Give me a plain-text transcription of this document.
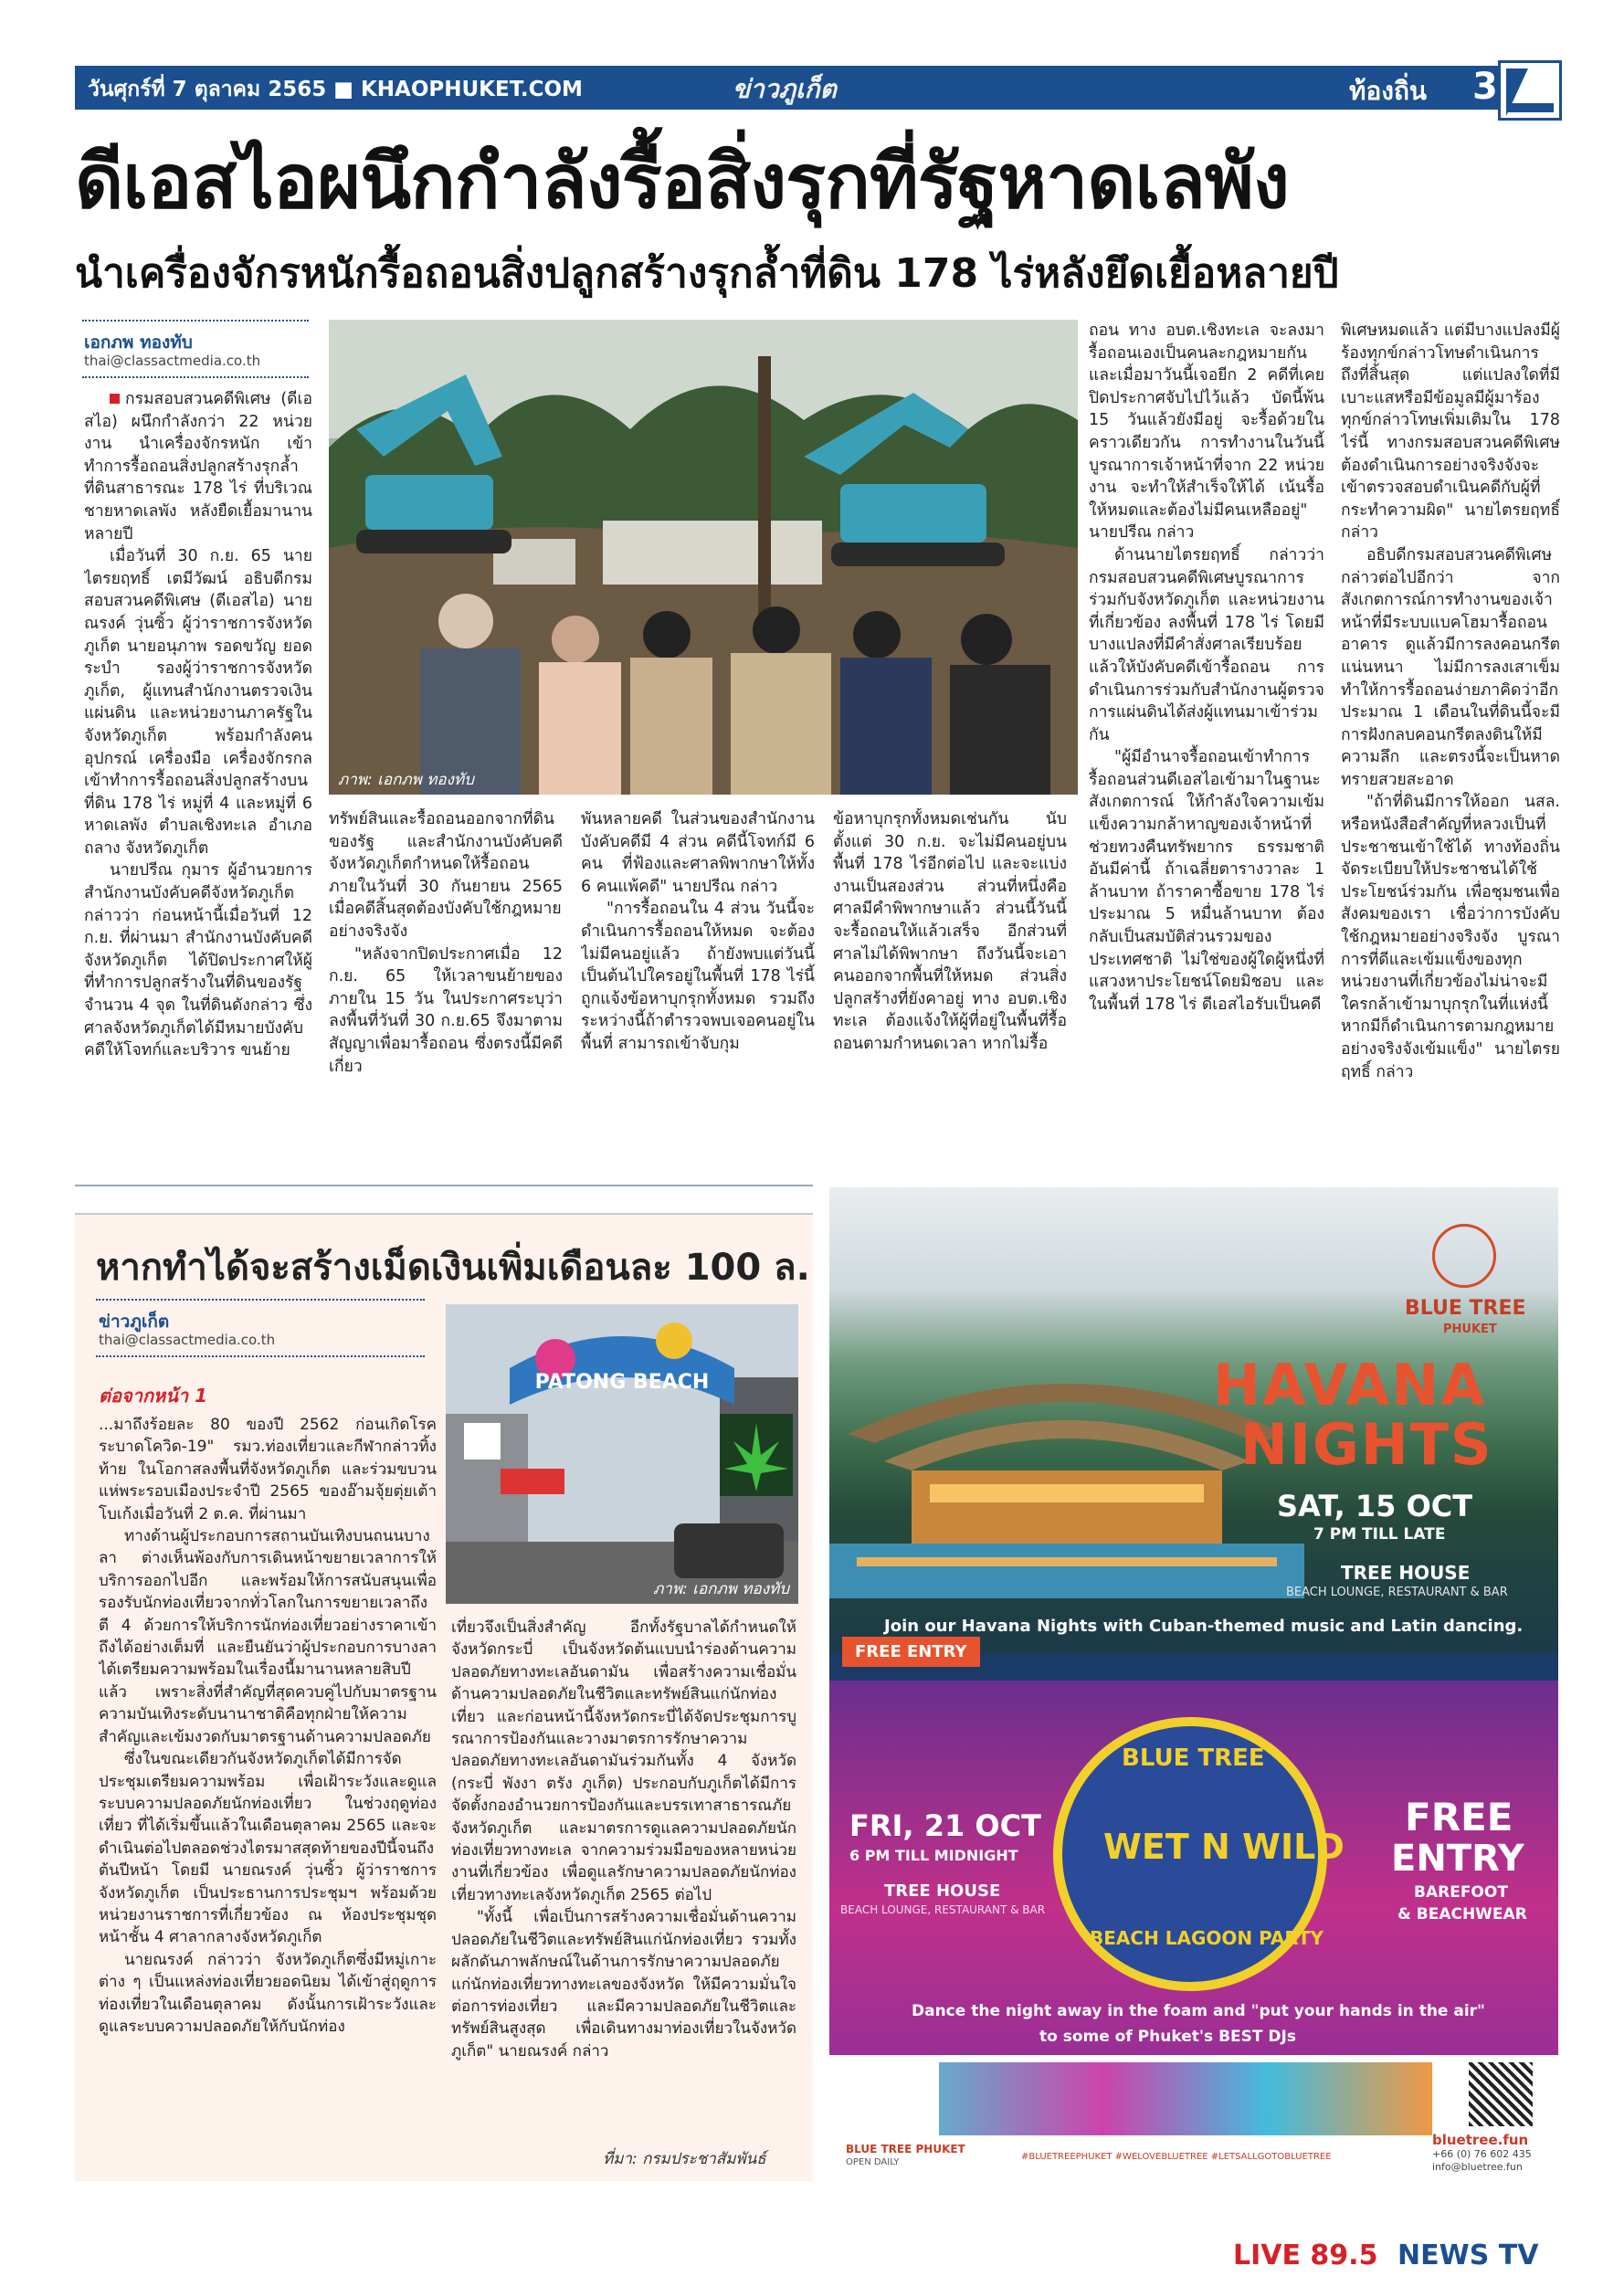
วันศุกร์ที่ 7 ตุลาคม 2565 ■ KHAOPHUKET.COM	ข่าวภูเก็ต	ท้องถิ่น 3
ดีเอสไอผนึกกำลังรื้อสิ่งรุกที่รัฐหาดเลพัง
นำเครื่องจักรหนักรื้อถอนสิ่งปลูกสร้างรุกล้ำที่ดิน 178 ไร่หลังยึดเยื้อหลายปี
เอกภพ ทองทับ
thai@classactmedia.co.th
ภาพ: เอกภพ ทองทับ

กรมสอบสวนคดีพิเศษ (ดีเอสไอ) ผนึกกำลังกว่า 22 หน่วยงาน นำเครื่องจักรหนัก เข้าทำการรื้อถอนสิ่งปลูกสร้างรุกล้ำที่ดินสาธารณะ 178 ไร่ ที่บริเวณชายหาดเลพัง หลังยืดเยื้อมานานหลายปี

เมื่อวันที่ 30 ก.ย. 65 นายไตรยฤทธิ์ เตมีวัฒน์ อธิบดีกรมสอบสวนคดีพิเศษ (ดีเอสไอ) นายณรงค์ วุ่นซิ้ว ผู้ว่าราชการจังหวัดภูเก็ต นายอนุภาพ รอดขวัญ ยอดระบำ รองผู้ว่าราชการจังหวัดภูเก็ต, ผู้แทนสำนักงานตรวจเงินแผ่นดิน และหน่วยงานภาครัฐในจังหวัดภูเก็ต พร้อมกำลังคน อุปกรณ์ เครื่องมือ เครื่องจักรกล เข้าทำการรื้อถอนสิ่งปลูกสร้างบนที่ดิน 178 ไร่ หมู่ที่ 4 และหมู่ที่ 6 หาดเลพัง ตำบลเชิงทะเล อำเภอถลาง จังหวัดภูเก็ต

นายปรีณ กุมาร ผู้อำนวยการสำนักงานบังคับคดีจังหวัดภูเก็ต กล่าวว่า ก่อนหน้านี้เมื่อวันที่ 12 ก.ย. ที่ผ่านมา สำนักงานบังคับคดีจังหวัดภูเก็ต ได้ปิดประกาศให้ผู้ที่ทำการปลูกสร้างในที่ดินของรัฐจำนวน 4 จุด ในที่ดินดังกล่าว ซึ่งศาลจังหวัดภูเก็ตได้มีหมายบังคับคดีให้โจทก์และบริวาร ขนย้าย

ทรัพย์สินและรื้อถอนออกจากที่ดินของรัฐ และสำนักงานบังคับคดีจังหวัดภูเก็ตกำหนดให้รื้อถอนภายในวันที่ 30 กันยายน 2565 เมื่อคดีสิ้นสุดต้องบังคับใช้กฎหมายอย่างจริงจัง

"หลังจากปิดประกาศเมื่อ 12 ก.ย. 65 ให้เวลาขนย้ายของภายใน 15 วัน ในประกาศระบุว่าลงพื้นที่วันที่ 30 ก.ย.65 จึงมาตามสัญญาเพื่อมารื้อถอน ซึ่งตรงนี้มีคดีเกี่ยว

พันหลายคดี ในส่วนของสำนักงานบังคับคดีมี 4 ส่วน คดีนี้โจทก์มี 6 คน ที่ฟ้องและศาลพิพากษาให้ทั้ง 6 คนแพ้คดี" นายปรีณ กล่าว

"การรื้อถอนใน 4 ส่วน วันนี้จะดำเนินการรื้อถอนให้หมด จะต้องไม่มีคนอยู่แล้ว ถ้ายังพบแต่วันนี้เป็นต้นไปใครอยู่ในพื้นที่ 178 ไร่นี้ถูกแจ้งข้อหาบุกรุกทั้งหมด รวมถึงระหว่างนี้ถ้าตำรวจพบเจอคนอยู่ในพื้นที่ สามารถเข้าจับกุม

ข้อหาบุกรุกทั้งหมดเช่นกัน นับตั้งแต่ 30 ก.ย. จะไม่มีคนอยู่บนพื้นที่ 178 ไร่อีกต่อไป และจะแบ่งงานเป็นสองส่วน ส่วนที่หนึ่งคือศาลมีคำพิพากษาแล้ว ส่วนนี้วันนี้จะรื้อถอนให้แล้วเสร็จ อีกส่วนที่ศาลไม่ได้พิพากษา ถึงวันนี้จะเอาคนออกจากพื้นที่ให้หมด ส่วนสิ่งปลูกสร้างที่ยังคาอยู่ ทาง อบต.เชิงทะเล ต้องแจ้งให้ผู้ที่อยู่ในพื้นที่รื้อถอนตามกำหนดเวลา หากไม่รื้อ

ถอน ทาง อบต.เชิงทะเล จะลงมารื้อถอนเองเป็นคนละกฎหมายกัน และเมื่อมาวันนี้เจอยีก 2 คดีที่เคยปิดประกาศจับไปไว้แล้ว บัดนี้พ้น 15 วันแล้วยังมีอยู่ จะรื้อด้วยในคราวเดียวกัน การทำงานในวันนี้บูรณาการเจ้าหน้าที่จาก 22 หน่วยงาน จะทำให้สำเร็จให้ได้ เน้นรื้อให้หมดและต้องไม่มีคนเหลืออยู่" นายปรีณ กล่าว

ด้านนายไตรยฤทธิ์ กล่าวว่า กรมสอบสวนคดีพิเศษบูรณาการร่วมกับจังหวัดภูเก็ต และหน่วยงานที่เกี่ยวข้อง ลงพื้นที่ 178 ไร่ โดยมีบางแปลงที่มีคำสั่งศาลเรียบร้อยแล้วให้บังคับคดีเข้ารื้อถอน การดำเนินการร่วมกับสำนักงานผู้ตรวจการแผ่นดินได้ส่งผู้แทนมาเข้าร่วมกัน

"ผู้มีอำนาจรื้อถอนเข้าทำการรื้อถอนส่วนดีเอสไอเข้ามาในฐานะสังเกตการณ์ ให้กำลังใจความเข้มแข็งความกล้าหาญของเจ้าหน้าที่ช่วยทวงคืนทรัพยากร ธรรมชาติอันมีค่านี้ ถ้าเฉลี่ยตารางวาละ 1 ล้านบาท ถ้าราคาซื้อขาย 178 ไร่ ประมาณ 5 หมื่นล้านบาท ต้องกลับเป็นสมบัติส่วนรวมของประเทศชาติ ไม่ใช่ของผู้ใดผู้หนึ่งที่แสวงหาประโยชน์โดยมิชอบ และในพื้นที่ 178 ไร่ ดีเอสไอรับเป็นคดี

พิเศษหมดแล้ว แต่มีบางแปลงมีผู้ร้องทุกข์กล่าวโทษดำเนินการถึงที่สิ้นสุด แต่แปลงใดที่มีเบาะแสหรือมีข้อมูลมีผู้มาร้องทุกข์กล่าวโทษเพิ่มเติมใน 178 ไร่นี้ ทางกรมสอบสวนคดีพิเศษต้องดำเนินการอย่างจริงจังจะเข้าตรวจสอบดำเนินคดีกับผู้ที่กระทำความผิด" นายไตรยฤทธิ์ กล่าว

อธิบดีกรมสอบสวนคดีพิเศษกล่าวต่อไปอีกว่า จากสังเกตการณ์การทำงานของเจ้าหน้าที่มีระบบแบคโฮมารื้อถอนอาคาร ดูแล้วมีการลงคอนกรีตแน่นหนา ไม่มีการลงเสาเข็มทำให้การรื้อถอนง่ายภาคิดว่าอีกประมาณ 1 เดือนในที่ดินนี้จะมีการฝังกลบคอนกรีตลงดินให้มีความลึก และตรงนี้จะเป็นหาดทรายสวยสะอาด

"ถ้าที่ดินมีการให้ออก นสล. หรือหนังสือสำคัญที่หลวงเป็นที่ประชาชนเข้าใช้ได้ ทางท้องถิ่นจัดระเบียบให้ประชาชนได้ใช้ประโยชน์ร่วมกัน เพื่อชุมชนเพื่อสังคมของเรา เชื่อว่าการบังคับใช้กฎหมายอย่างจริงจัง บูรณาการที่ดีและเข้มแข็งของทุกหน่วยงานที่เกี่ยวข้องไม่น่าจะมีใครกล้าเข้ามาบุกรุกในที่แห่งนี้ หากมีก็ดำเนินการตามกฎหมายอย่างจริงจังเข้มแข็ง" นายไตรยฤทธิ์ กล่าว

หากทำได้จะสร้างเม็ดเงินเพิ่มเดือนละ 100 ล.
ข่าวภูเก็ต
thai@classactmedia.co.th
ต่อจากหน้า 1
PATONG BEACH
ภาพ: เอกภพ ทองทับ

...มาถึงร้อยละ 80 ของปี 2562 ก่อนเกิดโรคระบาดโควิด-19" รมว.ท่องเที่ยวและกีฬากล่าวทิ้งท้าย ในโอกาสลงพื้นที่จังหวัดภูเก็ต และร่วมขบวนแห่พระรอบเมืองประจำปี 2565 ของอ๊ามจุ้ยตุ่ยเต้าโบเก้งเมื่อวันที่ 2 ต.ค. ที่ผ่านมา

ทางด้านผู้ประกอบการสถานบันเทิงบนถนนบางลา ต่างเห็นพ้องกับการเดินหน้าขยายเวลาการให้บริการออกไปอีก และพร้อมให้การสนับสนุนเพื่อรองรับนักท่องเที่ยวจากทั่วโลกในการขยายเวลาถึงตี 4 ด้วยการให้บริการนักท่องเที่ยวอย่างราคาเข้าถึงได้อย่างเต็มที่ และยืนยันว่าผู้ประกอบการบางลาได้เตรียมความพร้อมในเรื่องนี้มานานหลายสิบปีแล้ว เพราะสิ่งที่สำคัญที่สุดควบคู่ไปกับมาตรฐานความบันเทิงระดับนานาชาติคือทุกฝ่ายให้ความสำคัญและเข้มงวดกับมาตรฐานด้านความปลอดภัย

ซึ่งในขณะเดียวกันจังหวัดภูเก็ตได้มีการจัดประชุมเตรียมความพร้อม เพื่อเฝ้าระวังและดูแลระบบความปลอดภัยนักท่องเที่ยว ในช่วงฤดูท่องเที่ยว ที่ได้เริ่มขึ้นแล้วในเดือนตุลาคม 2565 และจะดำเนินต่อไปตลอดช่วงไตรมาสสุดท้ายของปีนี้จนถึงต้นปีหน้า โดยมี นายณรงค์ วุ่นซิ้ว ผู้ว่าราชการจังหวัดภูเก็ต เป็นประธานการประชุมฯ พร้อมด้วยหน่วยงานราชการที่เกี่ยวข้อง ณ ห้องประชุมชุดหน้าชั้น 4 ศาลากลางจังหวัดภูเก็ต

นายณรงค์ กล่าวว่า จังหวัดภูเก็ตซึ่งมีหมู่เกาะต่าง ๆ เป็นแหล่งท่องเที่ยวยอดนิยม ได้เข้าสู่ฤดูการท่องเที่ยวในเดือนตุลาคม ดังนั้นการเฝ้าระวังและดูแลระบบความปลอดภัยให้กับนักท่อง

เที่ยวจึงเป็นสิ่งสำคัญ อีกทั้งรัฐบาลได้กำหนดให้จังหวัดกระบี่ เป็นจังหวัดต้นแบบนำร่องด้านความปลอดภัยทางทะเลอันดามัน เพื่อสร้างความเชื่อมั่นด้านความปลอดภัยในชีวิตและทรัพย์สินแก่นักท่องเที่ยว และก่อนหน้านี้จังหวัดกระบี่ได้จัดประชุมการบูรณาการป้องกันและวางมาตรการรักษาความปลอดภัยทางทะเลอันดามันร่วมกันทั้ง 4 จังหวัด (กระบี่ พังงา ตรัง ภูเก็ต) ประกอบกับภูเก็ตได้มีการจัดตั้งกองอำนวยการป้องกันและบรรเทาสาธารณภัยจังหวัดภูเก็ต และมาตรการดูแลความปลอดภัยนักท่องเที่ยวทางทะเล จากความร่วมมือของหลายหน่วยงานที่เกี่ยวข้อง เพื่อดูแลรักษาความปลอดภัยนักท่องเที่ยวทางทะเลจังหวัดภูเก็ต 2565 ต่อไป

"ทั้งนี้ เพื่อเป็นการสร้างความเชื่อมั่นด้านความปลอดภัยในชีวิตและทรัพย์สินแก่นักท่องเที่ยว รวมทั้งผลักดันภาพลักษณ์ในด้านการรักษาความปลอดภัยแก่นักท่องเที่ยวทางทะเลของจังหวัด ให้มีความมั่นใจต่อการท่องเที่ยว และมีความปลอดภัยในชีวิตและทรัพย์สินสูงสุด เพื่อเดินทางมาท่องเที่ยวในจังหวัดภูเก็ต" นายณรงค์ กล่าว

ที่มา: กรมประชาสัมพันธ์
BLUE TREE
PHUKET
HAVANA
NIGHTS
SAT, 15 OCT
7 PM TILL LATE
TREE HOUSE
BEACH LOUNGE, RESTAURANT & BAR
Join our Havana Nights with Cuban-themed music and Latin dancing.
FREE ENTRY
BLUE TREE
WET N WILD
BEACH LAGOON PARTY
FRI, 21 OCT
6 PM TILL MIDNIGHT
TREE HOUSE
BEACH LOUNGE, RESTAURANT & BAR
FREE
ENTRY
BAREFOOT
& BEACHWEAR
Dance the night away in the foam and "put your hands in the air"
to some of Phuket's BEST DJs
BLUE TREE PHUKET
OPEN DAILY
#BLUETREEPHUKET #WELOVEBLUETREE #LETSALLGOTOBLUETREE
bluetree.fun
+66 (0) 76 602 435
info@bluetree.fun
LIVE 89.5 NEWS TV
